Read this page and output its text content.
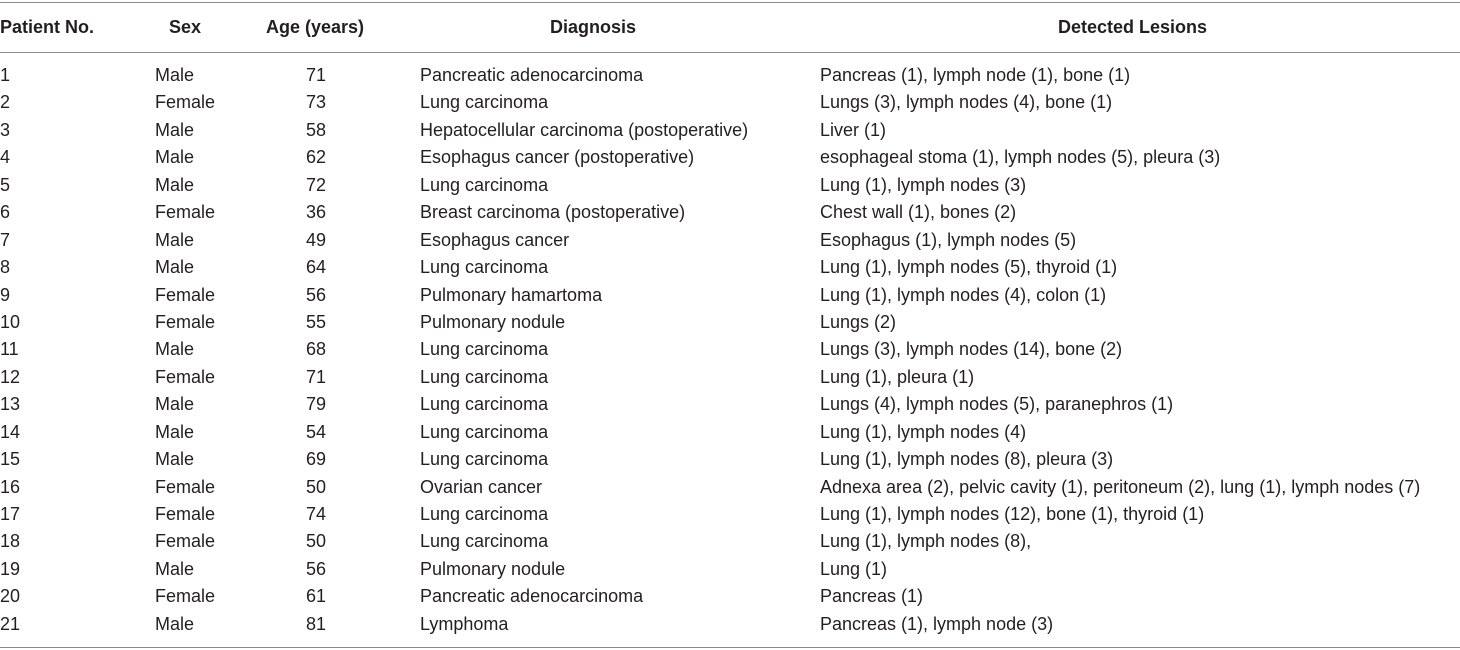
Patient No.	Sex	Age (years)	Diagnosis	Detected Lesions
1	Male	71	Pancreatic adenocarcinoma	Pancreas (1), lymph node (1), bone (1)
2	Female	73	Lung carcinoma	Lungs (3), lymph nodes (4), bone (1)
3	Male	58	Hepatocellular carcinoma (postoperative)	Liver (1)
4	Male	62	Esophagus cancer (postoperative)	esophageal stoma (1), lymph nodes (5), pleura (3)
5	Male	72	Lung carcinoma	Lung (1), lymph nodes (3)
6	Female	36	Breast carcinoma (postoperative)	Chest wall (1), bones (2)
7	Male	49	Esophagus cancer	Esophagus (1), lymph nodes (5)
8	Male	64	Lung carcinoma	Lung (1), lymph nodes (5), thyroid (1)
9	Female	56	Pulmonary hamartoma	Lung (1), lymph nodes (4), colon (1)
10	Female	55	Pulmonary nodule	Lungs (2)
11	Male	68	Lung carcinoma	Lungs (3), lymph nodes (14), bone (2)
12	Female	71	Lung carcinoma	Lung (1), pleura (1)
13	Male	79	Lung carcinoma	Lungs (4), lymph nodes (5), paranephros (1)
14	Male	54	Lung carcinoma	Lung (1), lymph nodes (4)
15	Male	69	Lung carcinoma	Lung (1), lymph nodes (8), pleura (3)
16	Female	50	Ovarian cancer	Adnexa area (2), pelvic cavity (1), peritoneum (2), lung (1), lymph nodes (7)
17	Female	74	Lung carcinoma	Lung (1), lymph nodes (12), bone (1), thyroid (1)
18	Female	50	Lung carcinoma	Lung (1), lymph nodes (8),
19	Male	56	Pulmonary nodule	Lung (1)
20	Female	61	Pancreatic adenocarcinoma	Pancreas (1)
21	Male	81	Lymphoma	Pancreas (1), lymph node (3)
